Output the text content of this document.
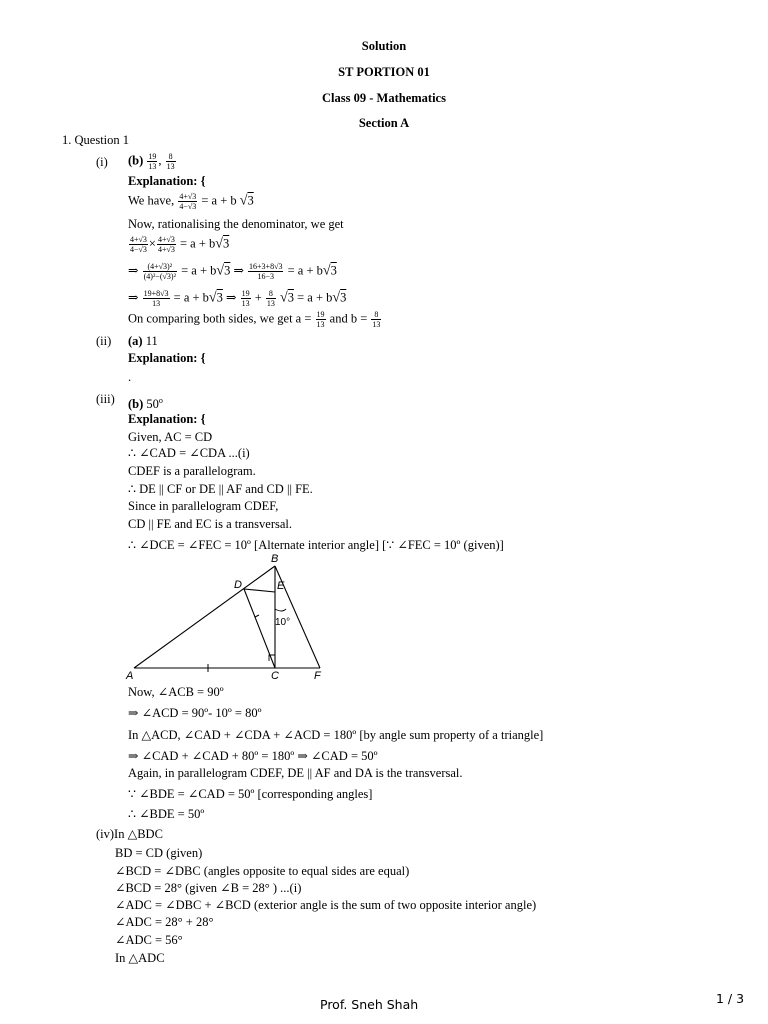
Solution
ST PORTION 01
Class 09 - Mathematics
Section A
1. Question 1
(i) $(b) \frac{19}{13}$ , $\frac{8}{13}$
Explanation: {
We have, $\frac{4+√3}{4-√3} = a + b$ √3
Now, rationalising the denominator, we get
$\frac{4+√3}{4-√3} \times \frac{4+√3}{4+√3} = a + b√3$
⇒ $\frac{\text{(4+√3)²}}{\text{(4)²−(√3)²}} = a + b√3$ ⇒ $\frac{16+3+8√3}{16-3} = a + b√3$
⇒ $\frac{19+8√3}{13} = a + b√3$ ⇒ $\frac{19}{13} + \frac{8}{13} √3 = a + b√3$
On comparing both sides, we get $a = \frac{19}{13}$ and $b = \frac{8}{13}$
(ii) (a) 11
Explanation: {
.
(iii) (b) 50$^o$
Explanation: {
Given, AC = CD
∴ ∠CAD = ∠CDA ...(i)
CDEF is a parallelogram.
∴ DE || CF or DE || AF and CD || FE.
Since in parallelogram CDEF,
CD || FE and EC is a transversal.
∴ ∠DCE = ∠FEC = 10º [Alternate interior angle] [∵ ∠FEC = 10º (given)]
B
D	E
A	C	F
10°
Now, ∠ACB = 90º
⇒ ∠ACD = 90º- 10º = 80º
In △ACD, ∠CAD + ∠CDA + ∠ACD = 180º [by angle sum property of a triangle]
⇒ ∠CAD + ∠CAD + 80º = 180º ⇒ ∠CAD = 50º
Again, in parallelogram CDEF, DE || AF and DA is the transversal.
∵ ∠BDE = ∠CAD = 50º [corresponding angles]
∴ ∠BDE = 50º
(iv)In △BDC
BD = CD (given)
∠BCD = ∠DBC (angles opposite to equal sides are equal)
∠BCD = 28° (given ∠B = 28° ) ...(i)
∠ADC = ∠DBC + ∠BCD (exterior angle is the sum of two opposite interior angle)
∠ADC = 28° + 28°
∠ADC = 56°
In △ADC
Prof. Sneh Shah	1 / 3
